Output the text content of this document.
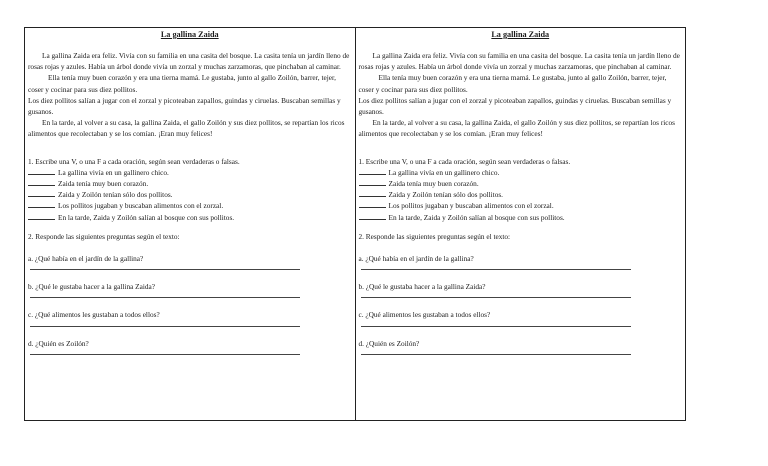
La gallina Zaida

La gallina Zaida era feliz. Vivía con su familia en una casita del bosque. La casita tenía un jardín lleno de rosas rojas y azules. Había un árbol donde vivía un zorzal y muchas zarzamoras, que pinchaban al caminar.

Ella tenía muy buen corazón y era una tierna mamá. Le gustaba, junto al gallo Zoilón, barrer, tejer, coser y cocinar para sus diez pollitos.

Los diez pollitos salían a jugar con el zorzal y picoteaban zapallos, guindas y ciruelas. Buscaban semillas y gusanos.

En la tarde, al volver a su casa, la gallina Zaida, el gallo Zoilón y sus diez pollitos, se repartían los ricos alimentos que recolectaban y se los comían. ¡Eran muy felices!

1. Escribe una V, o una F a cada oración, según sean verdaderas o falsas.
La gallina vivía en un gallinero chico.
Zaida tenía muy buen corazón.
Zaida y Zoilón tenían sólo dos pollitos.
Los pollitos jugaban y buscaban alimentos con el zorzal.
En la tarde, Zaida y Zoilón salían al bosque con sus pollitos.
2. Responde las siguientes preguntas según el texto:
a. ¿Qué había en el jardín de la gallina?
b. ¿Qué le gustaba hacer a la gallina Zaida?
c. ¿Qué alimentos les gustaban a todos ellos?
d. ¿Quién es Zoilón?
La gallina Zaida

La gallina Zaida era feliz. Vivía con su familia en una casita del bosque. La casita tenía un jardín lleno de rosas rojas y azules. Había un árbol donde vivía un zorzal y muchas zarzamoras, que pinchaban al caminar.

Ella tenía muy buen corazón y era una tierna mamá. Le gustaba, junto al gallo Zoilón, barrer, tejer, coser y cocinar para sus diez pollitos.

Los diez pollitos salían a jugar con el zorzal y picoteaban zapallos, guindas y ciruelas. Buscaban semillas y gusanos.

En la tarde, al volver a su casa, la gallina Zaida, el gallo Zoilón y sus diez pollitos, se repartían los ricos alimentos que recolectaban y se los comían. ¡Eran muy felices!

1. Escribe una V, o una F a cada oración, según sean verdaderas o falsas.
La gallina vivía en un gallinero chico.
Zaida tenía muy buen corazón.
Zaida y Zoilón tenían sólo dos pollitos.
Los pollitos jugaban y buscaban alimentos con el zorzal.
En la tarde, Zaida y Zoilón salían al bosque con sus pollitos.
2. Responde las siguientes preguntas según el texto:
a. ¿Qué había en el jardín de la gallina?
b. ¿Qué le gustaba hacer a la gallina Zaida?
c. ¿Qué alimentos les gustaban a todos ellos?
d. ¿Quién es Zoilón?
